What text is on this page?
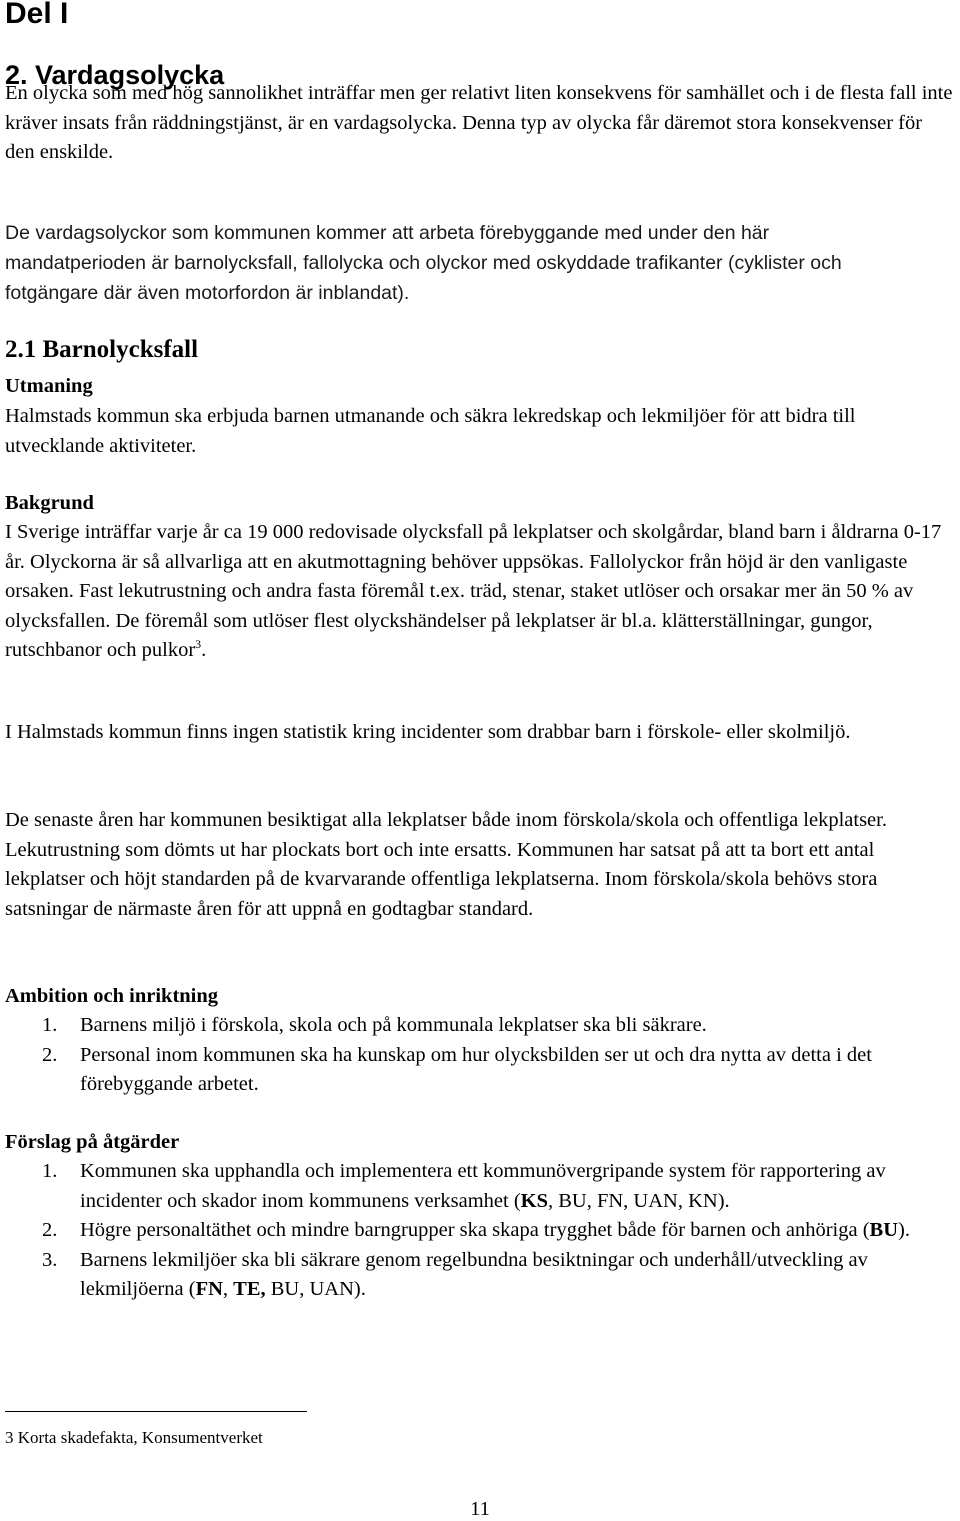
Del I
2. Vardagsolycka

En olycka som med hög sannolikhet inträffar men ger relativt liten konsekvens för samhället och i de flesta fall inte kräver insats från räddningstjänst, är en vardagsolycka. Denna typ av olycka får däremot stora konsekvenser för den enskilde.

De vardagsolyckor som kommunen kommer att arbeta förebyggande med under den här mandatperioden är barnolycksfall, fallolycka och olyckor med oskyddade trafikanter (cyklister och fotgängare där även motorfordon är inblandat).

2.1 Barnolycksfall
Utmaning

Halmstads kommun ska erbjuda barnen utmanande och säkra lekredskap och lekmiljöer för att bidra till utvecklande aktiviteter.

Bakgrund

I Sverige inträffar varje år ca 19 000 redovisade olycksfall på lekplatser och skolgårdar, bland barn i åldrarna 0-17 år. Olyckorna är så allvarliga att en akutmottagning behöver uppsökas. Fallolyckor från höjd är den vanligaste orsaken. Fast lekutrustning och andra fasta föremål t.ex. träd, stenar, staket utlöser och orsakar mer än 50 % av olycksfallen. De föremål som utlöser flest olyckshändelser på lekplatser är bl.a. klätterställningar, gungor, rutschbanor och pulkor$^3$.

I Halmstads kommun finns ingen statistik kring incidenter som drabbar barn i förskole- eller skolmiljö.

De senaste åren har kommunen besiktigat alla lekplatser både inom förskola/skola och offentliga lekplatser. Lekutrustning som dömts ut har plockats bort och inte ersatts. Kommunen har satsat på att ta bort ett antal lekplatser och höjt standarden på de kvarvarande offentliga lekplatserna. Inom förskola/skola behövs stora satsningar de närmaste åren för att uppnå en godtagbar standard.

Ambition och inriktning
1. Barnens miljö i förskola, skola och på kommunala lekplatser ska bli säkrare.
2. Personal inom kommunen ska ha kunskap om hur olycksbilden ser ut och dra nytta av detta i det förebyggande arbetet.
Förslag på åtgärder
1. Kommunen ska upphandla och implementera ett kommunövergripande system för rapportering av incidenter och skador inom kommunens verksamhet (KS, BU, FN, UAN, KN).
2. Högre personaltäthet och mindre barngrupper ska skapa trygghet både för barnen och anhöriga (BU).
3. Barnens lekmiljöer ska bli säkrare genom regelbundna besiktningar och underhåll/utveckling av lekmiljöerna (FN, TE, BU, UAN).
3 Korta skadefakta, Konsumentverket
11
